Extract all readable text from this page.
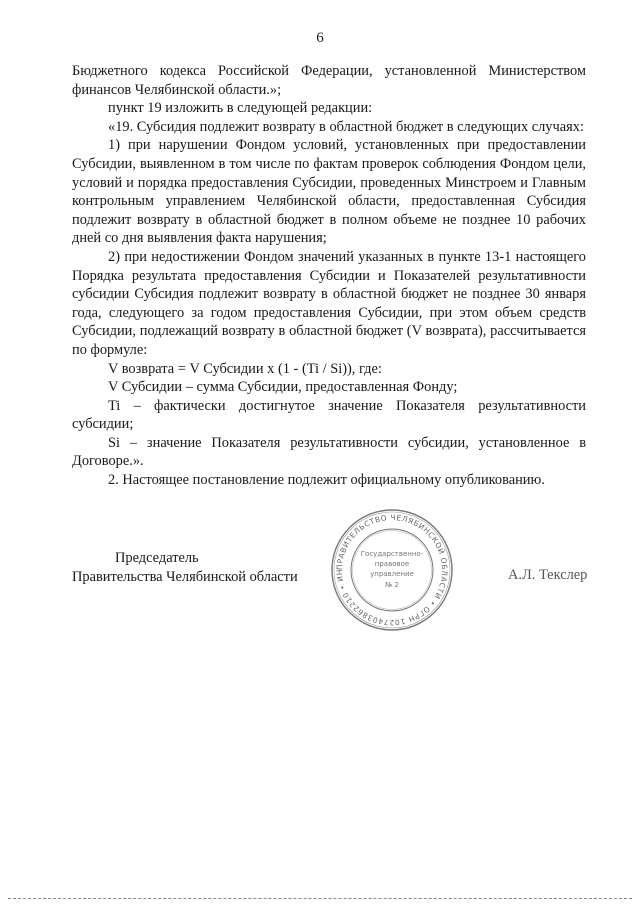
6

Бюджетного кодекса Российской Федерации, установленной Министерством финансов Челябинской области.»;

пункт 19 изложить в следующей редакции:

«19. Субсидия подлежит возврату в областной бюджет в следующих случаях:

1) при нарушении Фондом условий, установленных при предоставлении Субсидии, выявленном в том числе по фактам проверок соблюдения Фондом цели, условий и порядка предоставления Субсидии, проведенных Минстроем и Главным контрольным управлением Челябинской области, предоставленная Субсидия подлежит возврату в областной бюджет в полном объеме не позднее 10 рабочих дней со дня выявления факта нарушения;

2) при недостижении Фондом значений указанных в пункте 13-1 настоящего Порядка результата предоставления Субсидии и Показателей результативности субсидии Субсидия подлежит возврату в областной бюджет не позднее 30 января года, следующего за годом предоставления Субсидии, при этом объем средств Субсидии, подлежащий возврату в областной бюджет (V возврата), рассчитывается по формуле:

V возврата = V Субсидии x (1 - (Ti / Si)), где:

V Субсидии – сумма Субсидии, предоставленная Фонду;

Ti – фактически достигнутое значение Показателя результативности субсидии;

Si – значение Показателя результативности субсидии, установленное в Договоре.».

2. Настоящее постановление подлежит официальному опубликованию.

Председатель
Правительства Челябинской области
ПРАВИТЕЛЬСТВО ЧЕЛЯБИНСКОЙ ОБЛАСТИ • ОГРН 1027403862210 • ИН
Государственно-
правовое
управление
№ 2
А.Л. Текслер
